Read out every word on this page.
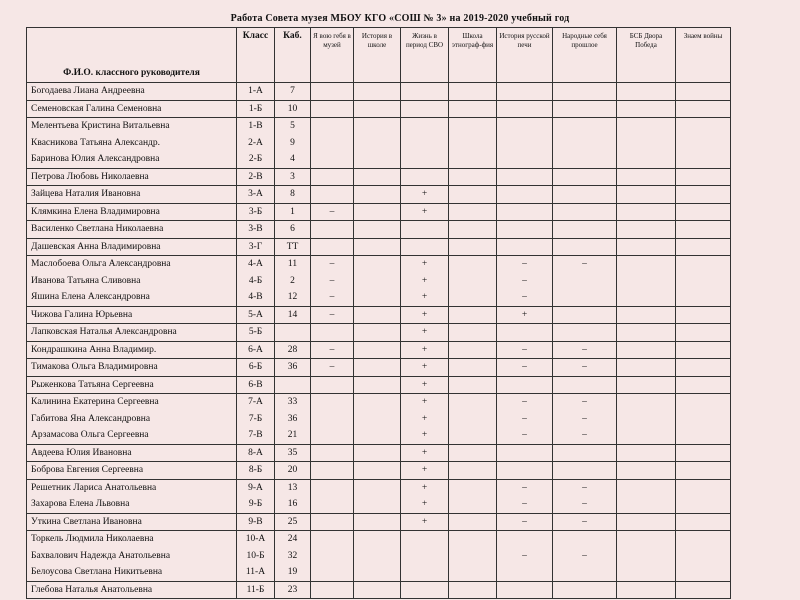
Работа Совета музея МБОУ КГО «СОШ № 3» на 2019-2020 учебный год
Ф.И.О. классного руководителя	Класс	Каб.	Я вою гебя в музей	История в школе	Жизнь в период СВО	Школа этнограф-фия	История русской печи	Народные себя прошлое	БСБ Двора Победа	Знаем войны
Богодаева Лиана Андреевна	1-А	7								
Семеновская Галина Семеновна	1-Б	10								
Мелентьева Кристина Витальевна	1-В	5								
Квасникова Татьяна Александр.	2-А	9								
Баринова Юлия Александровна	2-Б	4								
Петрова Любовь Николаевна	2-В	3								
Зайцева Наталия Ивановна	3-А	8			+					
Клямкина Елена Владимировна	3-Б	1	–		+					
Василенко Светлана Николаевна	3-В	6								
Дашевская Анна Владимировна	3-Г	ТТ								
Маслобоева Ольга Александровна	4-А	11	–		+		–	–		
Иванова Татьяна Сливовна	4-Б	2	–		+		–			
Яшина Елена Александровна	4-В	12	–		+		–			
Чижова Галина Юрьевна	5-А	14	–		+		+			
Лапковская Наталья Александровна	5-Б				+					
Кондрашкина Анна Владимир.	6-А	28	–		+		–	–		
Тимакова Ольга Владимировна	6-Б	36	–		+		–	–		
Рыженкова Татьяна Сергеевна	6-В				+					
Калинина Екатерина Сергеевна	7-А	33			+		–	–		
Габитова Яна Александровна	7-Б	36			+		–	–		
Арзамасова Ольга Сергеевна	7-В	21			+		–	–		
Авдеева Юлия Ивановна	8-А	35			+					
Боброва Евгения Сергеевна	8-Б	20			+					
Решетник Лариса Анатольевна	9-А	13			+		–	–		
Захарова Елена Львовна	9-Б	16			+		–	–		
Уткина Светлана Ивановна	9-В	25			+		–	–		
Торкель Людмила Николаевна	10-А	24								
Бахвалович Надежда Анатольевна	10-Б	32					–	–		
Белоусова Светлана Никитьевна	11-А	19								
Глебова Наталья Анатольевна	11-Б	23								
